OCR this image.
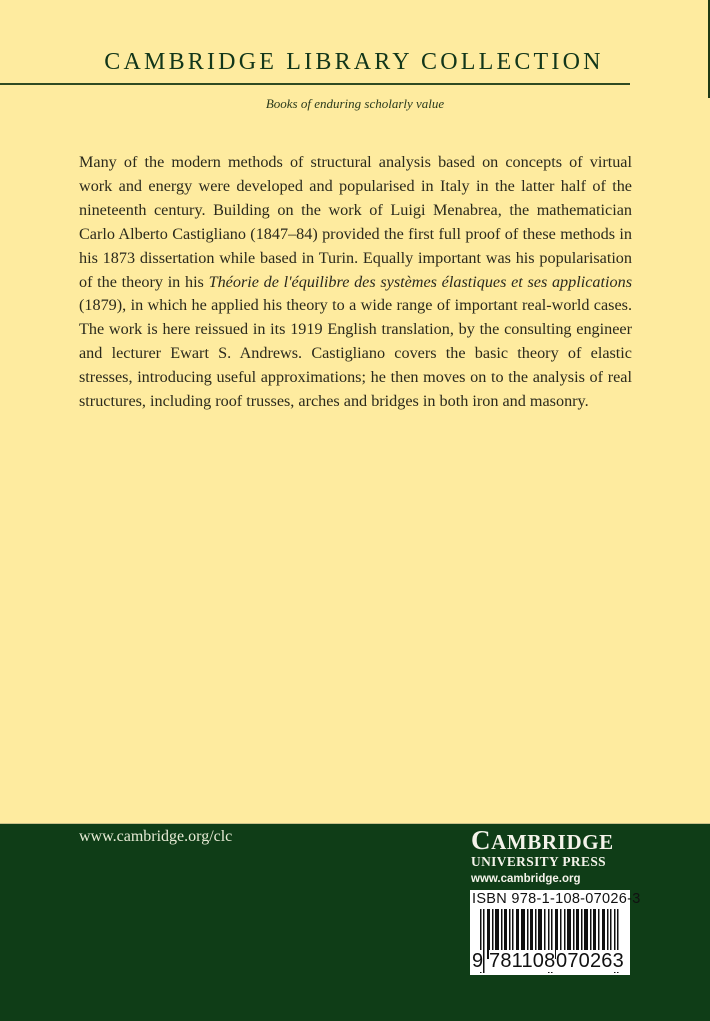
CAMBRIDGE LIBRARY COLLECTION
Books of enduring scholarly value

Many of the modern methods of structural analysis based on concepts of virtual work and energy were developed and popularised in Italy in the latter half of the nineteenth century. Building on the work of Luigi Menabrea, the mathematician Carlo Alberto Castigliano (1847–84) provided the first full proof of these methods in his 1873 dissertation while based in Turin. Equally important was his popularisation of the theory in his Théorie de l'équilibre des systèmes élastiques et ses applications (1879), in which he applied his theory to a wide range of important real-world cases. The work is here reissued in its 1919 English translation, by the consulting engineer and lecturer Ewart S. Andrews. Castigliano covers the basic theory of elastic stresses, introducing useful approximations; he then moves on to the analysis of real structures, including roof trusses, arches and bridges in both iron and masonry.

www.cambridge.org/clc	CAMBRIDGE
UNIVERSITY PRESS
www.cambridge.org
ISBN 978-1-108-07026-3
9 781108 070263
